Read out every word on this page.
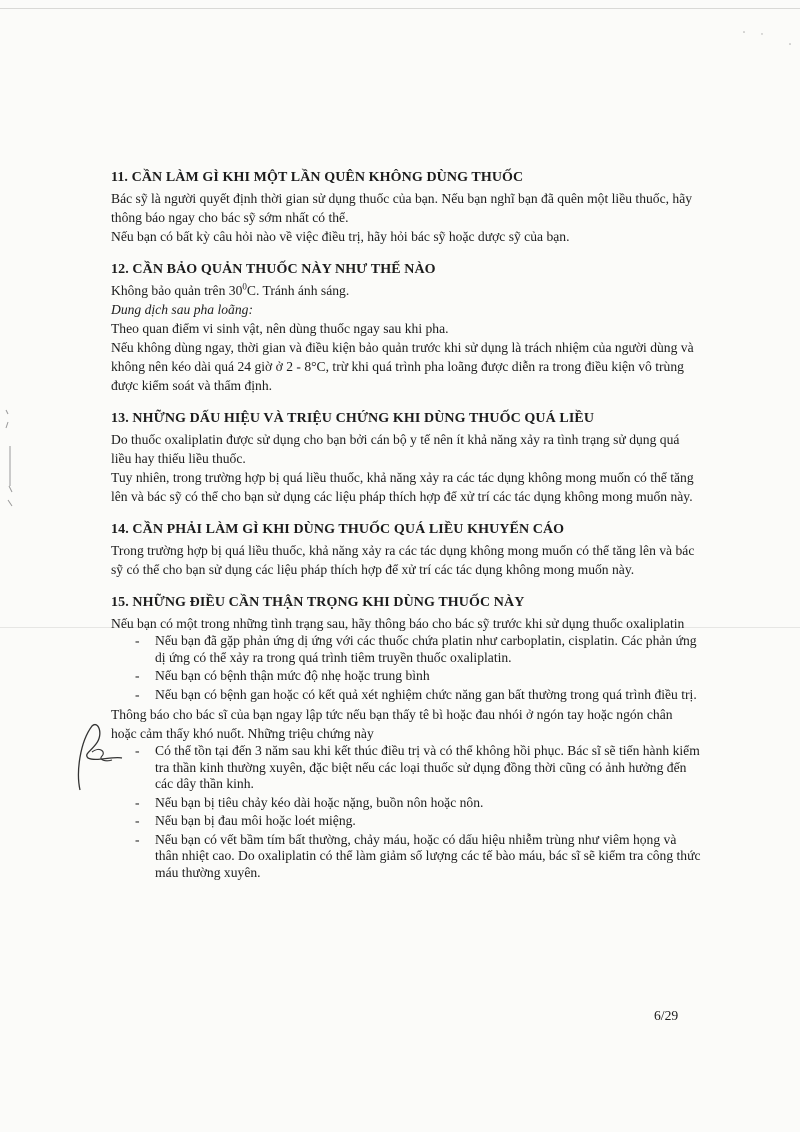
11. CẦN LÀM GÌ KHI MỘT LẦN QUÊN KHÔNG DÙNG THUỐC

Bác sỹ là người quyết định thời gian sử dụng thuốc của bạn. Nếu bạn nghĩ bạn đã quên một liều thuốc, hãy thông báo ngay cho bác sỹ sớm nhất có thể.

Nếu bạn có bất kỳ câu hỏi nào về việc điều trị, hãy hỏi bác sỹ hoặc dược sỹ của bạn.

12. CẦN BẢO QUẢN THUỐC NÀY NHƯ THẾ NÀO

Không bảo quản trên $30^0C$. Tránh ánh sáng.

Dung dịch sau pha loãng:

Theo quan điểm vi sinh vật, nên dùng thuốc ngay sau khi pha.

Nếu không dùng ngay, thời gian và điều kiện bảo quản trước khi sử dụng là trách nhiệm của người dùng và không nên kéo dài quá 24 giờ ở 2 - 8°C, trừ khi quá trình pha loãng được diễn ra trong điều kiện vô trùng được kiểm soát và thẩm định.

13. NHỮNG DẤU HIỆU VÀ TRIỆU CHỨNG KHI DÙNG THUỐC QUÁ LIỀU

Do thuốc oxaliplatin được sử dụng cho bạn bởi cán bộ y tế nên ít khả năng xảy ra tình trạng sử dụng quá liều hay thiếu liều thuốc.

Tuy nhiên, trong trường hợp bị quá liều thuốc, khả năng xảy ra các tác dụng không mong muốn có thể tăng lên và bác sỹ có thể cho bạn sử dụng các liệu pháp thích hợp để xử trí các tác dụng không mong muốn này.

14. CẦN PHẢI LÀM GÌ KHI DÙNG THUỐC QUÁ LIỀU KHUYẾN CÁO

Trong trường hợp bị quá liều thuốc, khả năng xảy ra các tác dụng không mong muốn có thể tăng lên và bác sỹ có thể cho bạn sử dụng các liệu pháp thích hợp để xử trí các tác dụng không mong muốn này.

15. NHỮNG ĐIỀU CẦN THẬN TRỌNG KHI DÙNG THUỐC NÀY

Nếu bạn có một trong những tình trạng sau, hãy thông báo cho bác sỹ trước khi sử dụng thuốc oxaliplatin

- Nếu bạn đã gặp phản ứng dị ứng với các thuốc chứa platin như carboplatin, cisplatin. Các phản ứng dị ứng có thể xảy ra trong quá trình tiêm truyền thuốc oxaliplatin.
- Nếu bạn có bệnh thận mức độ nhẹ hoặc trung bình
- Nếu bạn có bệnh gan hoặc có kết quả xét nghiệm chức năng gan bất thường trong quá trình điều trị.

Thông báo cho bác sĩ của bạn ngay lập tức nếu bạn thấy tê bì hoặc đau nhói ở ngón tay hoặc ngón chân hoặc cảm thấy khó nuốt. Những triệu chứng này

- Có thể tồn tại đến 3 năm sau khi kết thúc điều trị và có thể không hồi phục. Bác sĩ sẽ tiến hành kiểm tra thần kinh thường xuyên, đặc biệt nếu các loại thuốc sử dụng đồng thời cũng có ảnh hưởng đến các dây thần kinh.
- Nếu bạn bị tiêu chảy kéo dài hoặc nặng, buồn nôn hoặc nôn.
- Nếu bạn bị đau môi hoặc loét miệng.
- Nếu bạn có vết bầm tím bất thường, chảy máu, hoặc có dấu hiệu nhiễm trùng như viêm họng và thân nhiệt cao. Do oxaliplatin có thể làm giảm số lượng các tế bào máu, bác sĩ sẽ kiểm tra công thức máu thường xuyên.
6/29
